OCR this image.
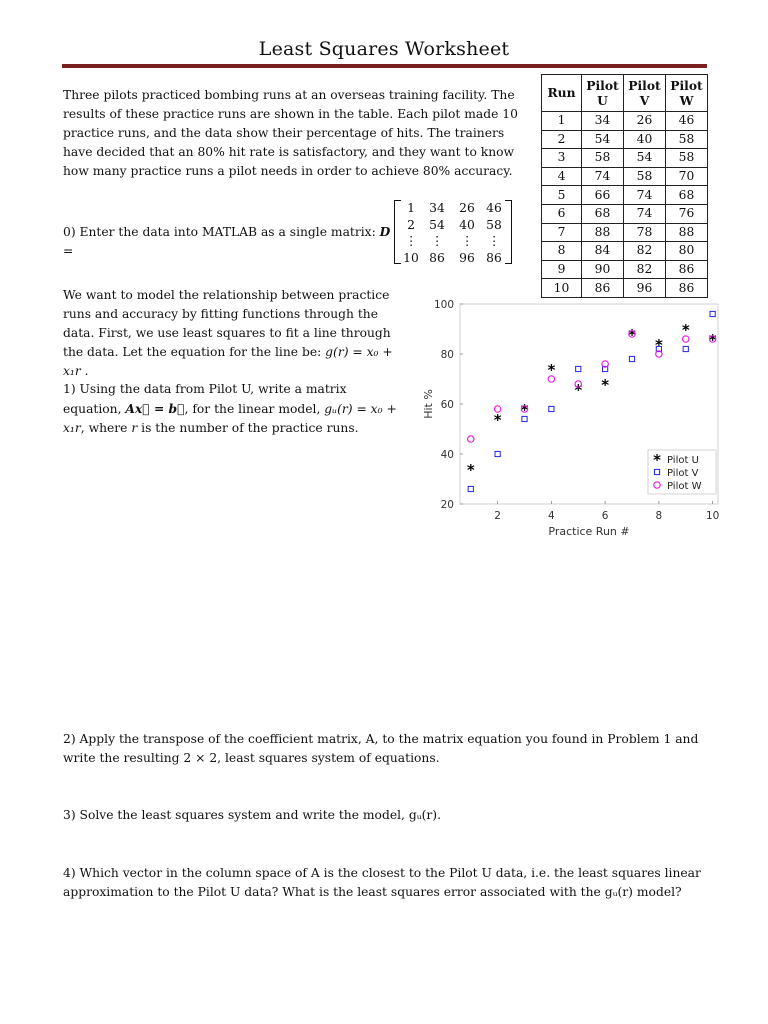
Least Squares Worksheet
Three pilots practiced bombing runs at an overseas training facility. The results of these practice runs are shown in the table. Each pilot made 10 practice runs, and the data show their percentage of hits. The trainers have decided that an 80% hit rate is satisfactory, and they want to know how many practice runs a pilot needs in order to achieve 80% accuracy.
0) Enter the data into MATLAB as a single matrix: D =
1	34	26 46
2	54	40 58
⋮	⋮	⋮	⋮
10 86	96 86
We want to model the relationship between practice runs and accuracy by fitting functions through the data. First, we use least squares to fit a line through the data. Let the equation for the line be: g(r) = x₀ + x₁r .
1) Using the data from Pilot U, write a matrix equation, Ax⃗ = b⃗, for the linear model, gᵤ(r) = x₀ + x₁r, where r is the number of the practice runs.
Run	Pilot U	Pilot V	Pilot W
1	34	26	46
2	54	40	58
3	58	54	58
4	74	58	70
5	66	74	68
6	68	74	76
7	88	78	88
8	84	82	80
9	90	82	86
10	86	96	86
2	4	6	8	10
20
40
60
80
100
Practice Run #
Hit %
*
*
*
*
* *
*
*
*
*
* Pilot U
Pilot V
Pilot W
2) Apply the transpose of the coefficient matrix, A, to the matrix equation you found in Problem 1 and write the resulting 2 × 2, least squares system of equations.
3) Solve the least squares system and write the model, gᵤ(r).
4) Which vector in the column space of A is the closest to the Pilot U data, i.e. the least squares linear approximation to the Pilot U data? What is the least squares error associated with the gᵤ(r) model?
